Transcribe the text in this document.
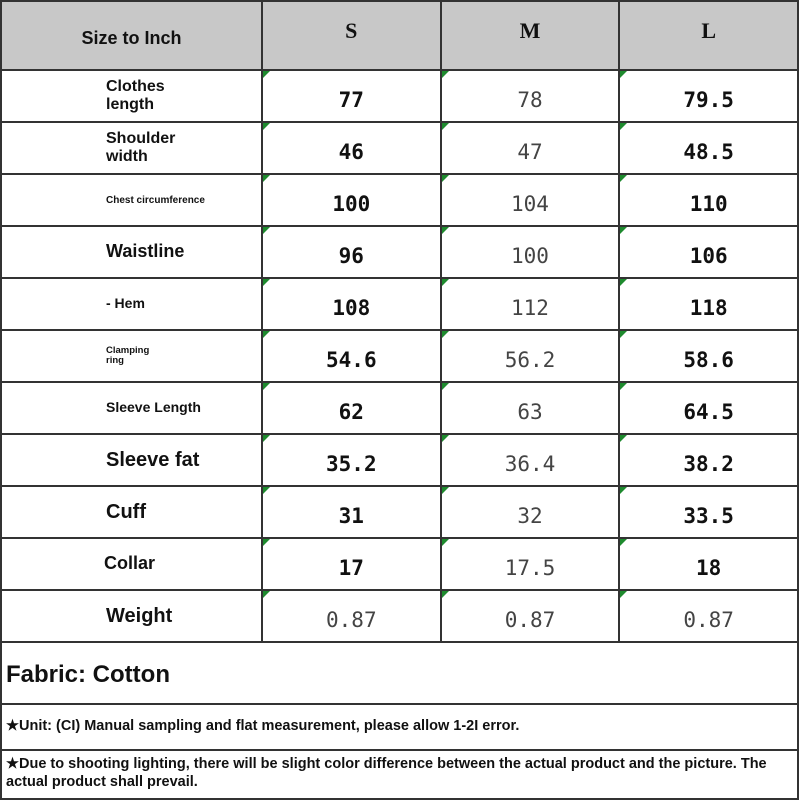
Size to Inch	S	M	L

Clothes length	77	78	79.5

Shoulder width	46	47	48.5

Chest circumference	100	104	110

Waistline	96	100	106

- Hem	108	112	118

Clamping ring	54.6	56.2	58.6

Sleeve Length	62	63	64.5

Sleeve fat	35.2	36.4	38.2

Cuff	31	32	33.5

Collar	17	17.5	18

Weight	0.87	0.87	0.87
Fabric: Cotton
★Unit: (CI) Manual sampling and flat measurement, please allow 1-2I error.
★Due to shooting lighting, there will be slight color difference between the actual product and the picture. The actual product shall prevail.
